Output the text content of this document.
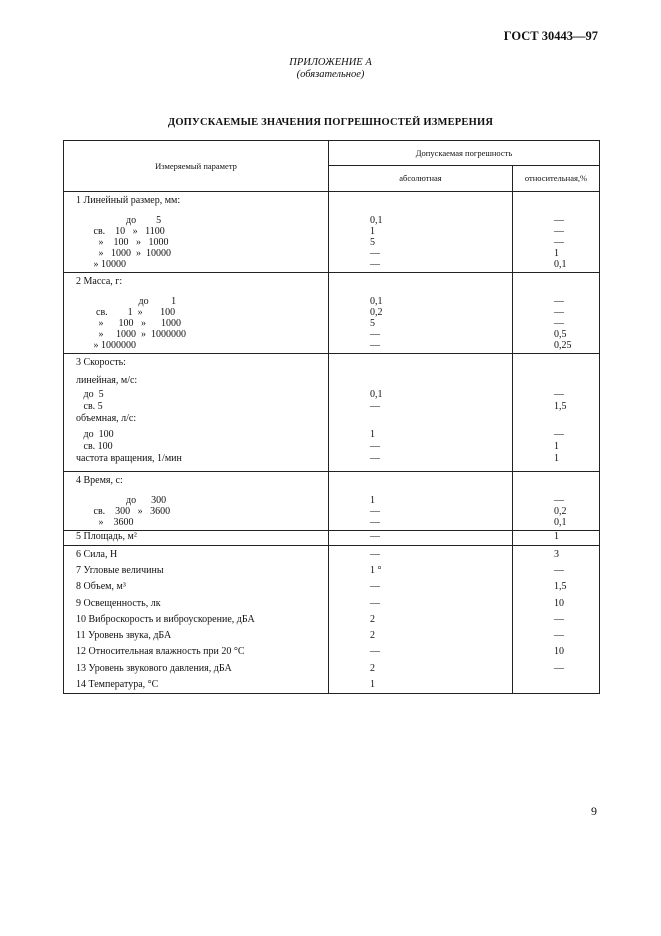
ГОСТ 30443—97
ПРИЛОЖЕНИЕ А
(обязательное)
ДОПУСКАЕМЫЕ ЗНАЧЕНИЯ ПОГРЕШНОСТЕЙ ИЗМЕРЕНИЯ
Измеряемый параметр	Допускаемая погрешность	
	абсолютная	относительная,%
1 Линейный размер, мм:		

до        5	0,1	—
св.    10   »   1100	1	—
»    100   »   1000	5	—
»   1000  »  10000	—	1
» 10000	—	0,1

2 Масса, г:		

до         1	0,1	—
св.        1  »       100	0,2	—
»      100   »      1000	5	—
»     1000  »  1000000	—	0,5
» 1000000	—	0,25

3 Скорость:		
линейная, м/с:		
до  5	0,1	—
св. 5	—	1,5
объемная, л/с:		
до  100	1	—
св. 100	—	1
частота вращения, 1/мин	—	1

4 Время, с:		

до      300	1	—
св.    300   »   3600	—	0,2
»    3600	—	0,1

5 Площадь, м²	—	1
6 Сила, Н	—	3
7 Угловые величины	1 °	—
8 Объем, м³	—	1,5
9 Освещенность, лк	—	10
10 Виброскорость и виброускорение, дБА	2	—
11 Уровень звука, дБА	2	—
12 Относительная влажность при 20 °С	—	10
13 Уровень звукового давления, дБА	2	—
14 Температура, °С	1	
9
